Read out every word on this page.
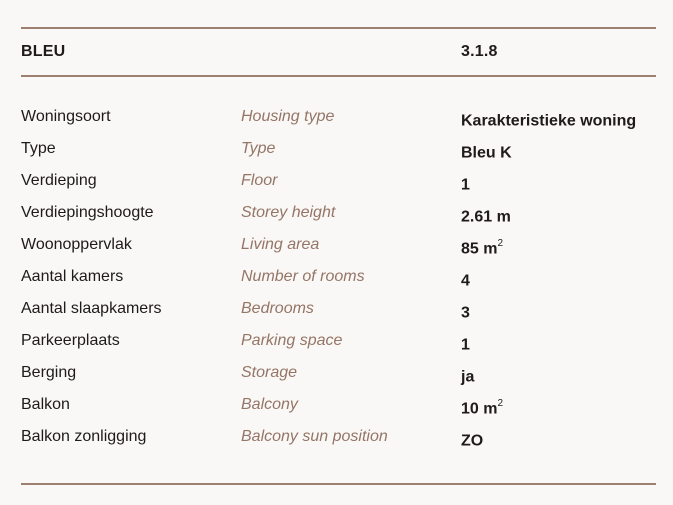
BLEU	3.1.8
Woningsoort	Housing type	Karakteristieke woning
Type	Type	Bleu K
Verdieping	Floor	1
Verdiepingshoogte	Storey height	2.61 m
Woonoppervlak	Living area	85 $m^2$
Aantal kamers	Number of rooms	4
Aantal slaapkamers	Bedrooms	3
Parkeerplaats	Parking space	1
Berging	Storage	ja
Balkon	Balcony	10 $m^2$
Balkon zonligging	Balcony sun position	ZO
